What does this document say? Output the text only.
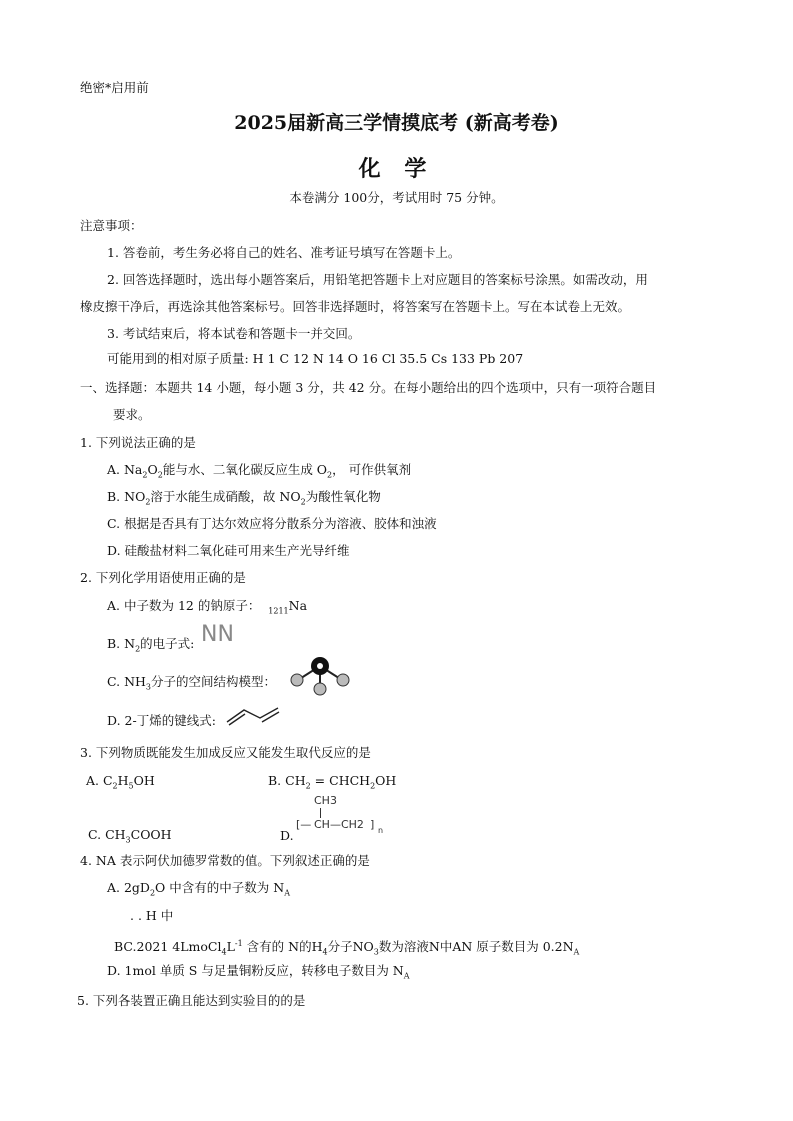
绝密*启用前
2025届新高三学情摸底考 (新高考卷)
化 学
本卷满分 100分，考试用时 75 分钟。
注意事项：
1. 答卷前，考生务必将自己的姓名、准考证号填写在答题卡上。
2. 回答选择题时，选出每小题答案后，用铅笔把答题卡上对应题目的答案标号涂黑。如需改动，用
橡皮擦干净后，再选涂其他答案标号。回答非选择题时，将答案写在答题卡上。写在本试卷上无效。
3. 考试结束后，将本试卷和答题卡一并交回。
可能用到的相对原子质量: H 1 C 12 N 14 O 16 Cl 35.5 Cs 133 Pb 207
一、选择题：本题共 14 小题，每小题 3 分，共 42 分。在每小题给出的四个选项中，只有一项符合题目
要求。
1. 下列说法正确的是
A. $Na_2O_2$能与水、二氧化碳反应生成 $O_2$， 可作供氧剂
B. $NO_2$溶于水能生成硝酸，故 $NO_2$为酸性氧化物
C. 根据是否具有丁达尔效应将分散系分为溶液、胶体和浊液
D. 硅酸盐材料二氧化硅可用来生产光导纤维
2. 下列化学用语使用正确的是
A. 中子数为 12 的钠原子： $_{1211}$Na
B. $N_2$的电子式: NN
C. $NH_3$分子的空间结构模型：
D. 2-丁烯的键线式:
3. 下列物质既能发生加成反应又能发生取代反应的是
A. $C_2H_5OH$	B. $CH_2$ = $CHCH_2OH$
C. $CH_3COOH$	D.
CH3
[— CH—CH2 ] n
4. NA 表示阿伏加德罗常数的值。下列叙述正确的是
A. $2gD_2O$ 中含有的中子数为 $N_A$
. . H 中
BC.2021 $4LmoCl_4L^{-1}$ 含有的 N的$H_4$分子$NO_3$数为溶液N中AN 原子数目为 $0.2N_A$
D. 1mol 单质 S 与足量铜粉反应，转移电子数目为 $N_A$
5. 下列各装置正确且能达到实验目的的是
